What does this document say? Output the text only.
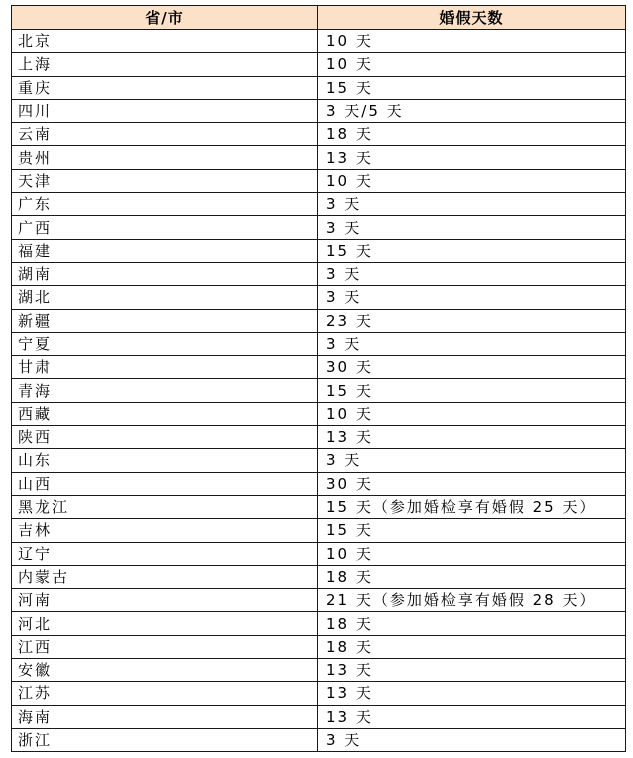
省/市	婚假天数
北京	10 天
上海	10 天
重庆	15 天
四川	3 天/5 天
云南	18 天
贵州	13 天
天津	10 天
广东	3 天
广西	3 天
福建	15 天
湖南	3 天
湖北	3 天
新疆	23 天
宁夏	3 天
甘肃	30 天
青海	15 天
西藏	10 天
陕西	13 天
山东	3 天
山西	30 天
黑龙江	15 天（参加婚检享有婚假 25 天）
吉林	15 天
辽宁	10 天
内蒙古	18 天
河南	21 天（参加婚检享有婚假 28 天）
河北	18 天
江西	18 天
安徽	13 天
江苏	13 天
海南	13 天
浙江	3 天
